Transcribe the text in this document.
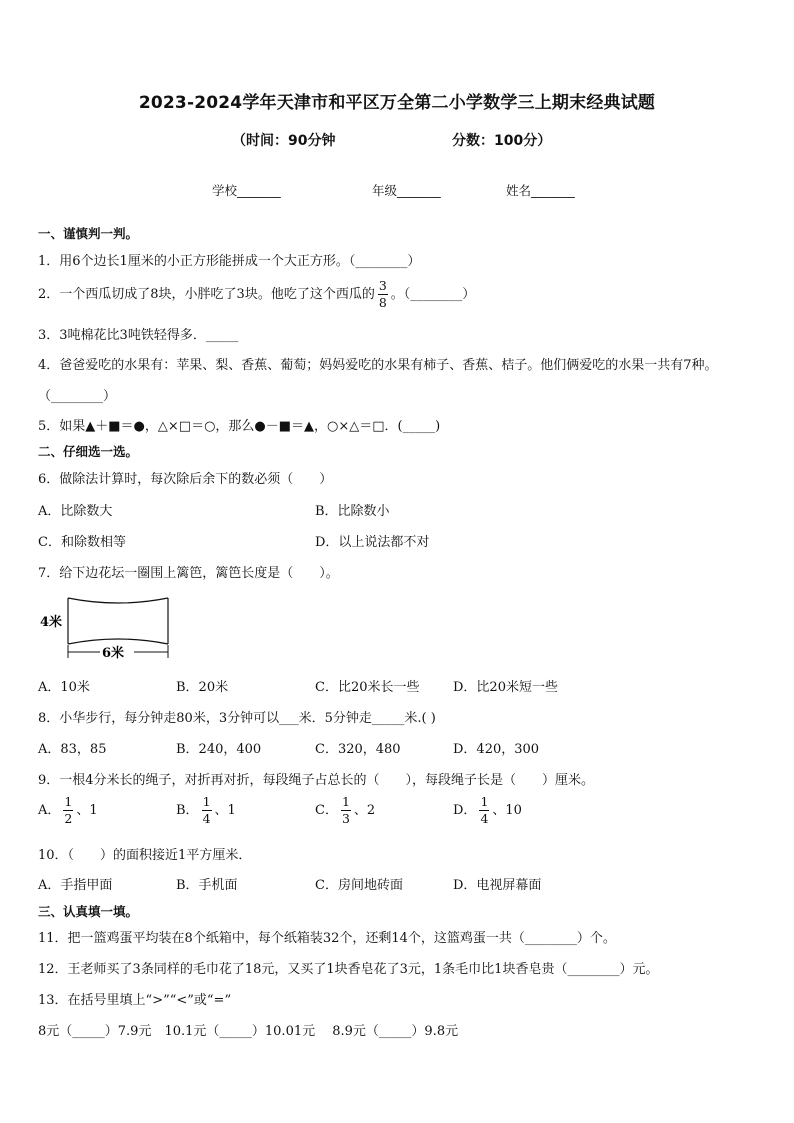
2023-2024学年天津市和平区万全第二小学数学三上期末经典试题
（时间：90分钟	分数：100分）
学校_______	年级_______	姓名_______
一、谨慎判一判。
1．用6个边长1厘米的小正方形能拼成一个大正方形。（________）
2．一个西瓜切成了8块，小胖吃了3块。他吃了这个西瓜的 $\frac{3}{8}$ 。（________）
3．3吨棉花比3吨铁轻得多．_____
4．爸爸爱吃的水果有：苹果、梨、香蕉、葡萄；妈妈爱吃的水果有柿子、香蕉、桔子。他们俩爱吃的水果一共有7种。
（________）
5．如果▲＋■＝●，△×□＝○，那么●－■＝▲，○×△＝□．(_____)
二、仔细选一选。
6．做除法计算时，每次除后余下的数必须（　　）
A．比除数大	B．比除数小
C．和除数相等	D．以上说法都不对
7．给下边花坛一圈围上篱笆，篱笆长度是（　　）。
4米
6米
A．10米	B．20米	C．比20米长一些	D．比20米短一些
8．小华步行，每分钟走80米，3分钟可以___米．5分钟走_____米.( )
A．83，85	B．240，400	C．320，480	D．420，300
9．一根4分米长的绳子，对折再对折，每段绳子占总长的（　　），每段绳子长是（　　）厘米。
A． $\frac{1}{2}$ 、1	B． $\frac{1}{4}$ 、1	C． $\frac{1}{3}$ 、2	D． $\frac{1}{4}$ 、10
10．（　　）的面积接近1平方厘米．
A．手指甲面	B．手机面	C．房间地砖面	D．电视屏幕面
三、认真填一填。
11．把一篮鸡蛋平均装在8个纸箱中，每个纸箱装32个，还剩14个，这篮鸡蛋一共（________）个。
12．王老师买了3条同样的毛巾花了18元，又买了1块香皂花了3元，1条毛巾比1块香皂贵（________）元。
13．在括号里填上“>”“<”或“=”
8元（_____）7.9元　10.1元（_____）10.01元　 8.9元（_____）9.8元
